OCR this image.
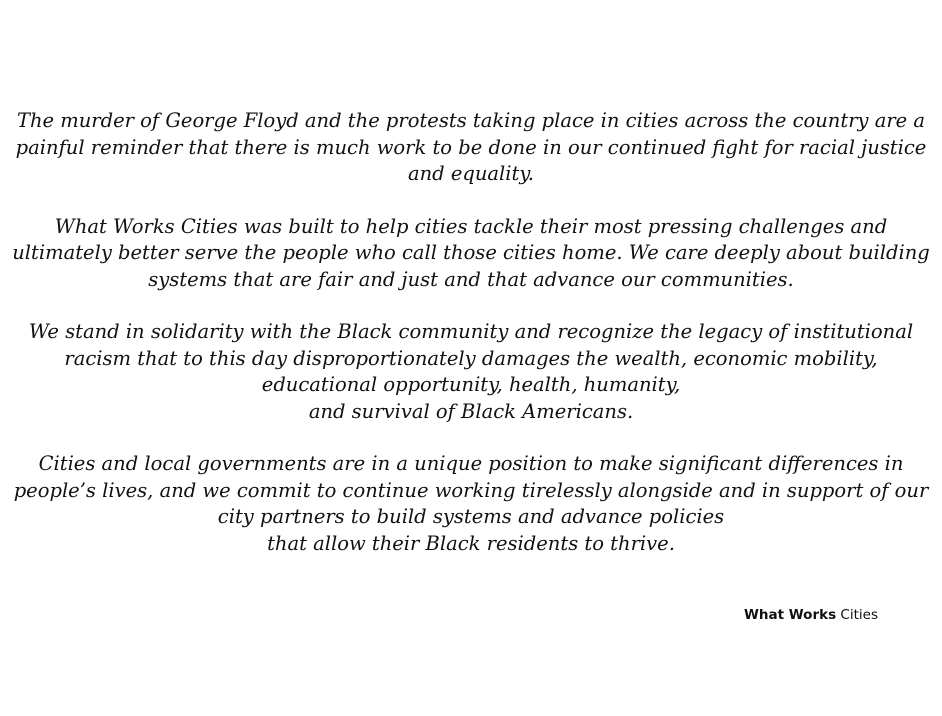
The murder of George Floyd and the protests taking place in cities across the country are a
painful reminder that there is much work to be done in our continued fight for racial justice
and equality.

What Works Cities was built to help cities tackle their most pressing challenges and
ultimately better serve the people who call those cities home. We care deeply about building
systems that are fair and just and that advance our communities.

We stand in solidarity with the Black community and recognize the legacy of institutional
racism that to this day disproportionately damages the wealth, economic mobility,
educational opportunity, health, humanity,
and survival of Black Americans.

Cities and local governments are in a unique position to make significant differences in
people’s lives, and we commit to continue working tirelessly alongside and in support of our
city partners to build systems and advance policies
that allow their Black residents to thrive.

What Works Cities
